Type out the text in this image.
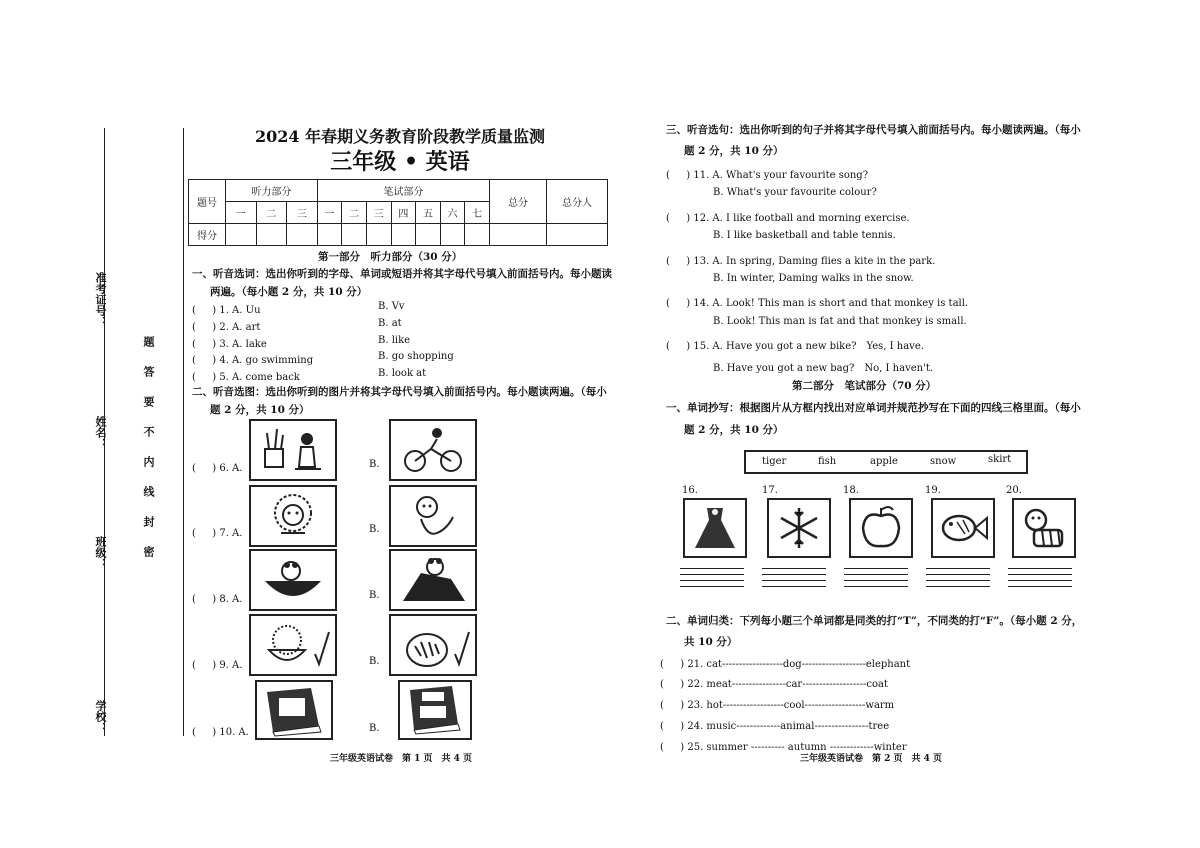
准考证号：
姓名：
班级：
学校：
题
答
要
不
内
线
封
密
2024 年春期义务教育阶段教学质量监测
三年级 • 英语
题号	听力部分			笔试部分							总分	总分人
	一	二	三	一	二	三	四	五	六	七		
得分												
第一部分　听力部分（30 分）
一、听音选词：选出你听到的字母、单词或短语并将其字母代号填入前面括号内。每小题读
两遍。（每小题 2 分，共 10 分）
( 　 ) 1. A. Uu	B. Vv
( 　 ) 2. A. art	B. at
( 　 ) 3. A. lake	B. like
( 　 ) 4. A. go swimming	B. go shopping
( 　 ) 5. A. come back	B. look at
二、听音选图：选出你听到的图片并将其字母代号填入前面括号内。每小题读两遍。（每小
题 2 分，共 10 分）
( 　 ) 6. A.	B.
( 　 ) 7. A.	B.
( 　 ) 8. A.	B.
( 　 ) 9. A.	B.
( 　 ) 10. A.	B.
三年级英语试卷　第 1 页　共 4 页
三、听音选句：选出你听到的句子并将其字母代号填入前面括号内。每小题读两遍。（每小
题 2 分，共 10 分）
( 　 ) 11. A. What's your favourite song?
B. What's your favourite colour?
( 　 ) 12. A. I like football and morning exercise.
B. I like basketball and table tennis.
( 　 ) 13. A. In spring, Daming flies a kite in the park.
B. In winter, Daming walks in the snow.
( 　 ) 14. A. Look! This man is short and that monkey is tall.
B. Look! This man is fat and that monkey is small.
( 　 ) 15. A. Have you got a new bike?　Yes, I have.
B. Have you got a new bag?　No, I haven't.
第二部分　笔试部分（70 分）
一、单词抄写：根据图片从方框内找出对应单词并规范抄写在下面的四线三格里面。（每小
题 2 分，共 10 分）
tiger	fish	apple	snow	skirt
16.	17.	18.	19.	20.
二、单词归类：下列每小题三个单词都是同类的打“T”，不同类的打“F”。（每小题 2 分，
共 10 分）
( 　 ) 21. cat------------------dog-------------------elephant
( 　 ) 22. meat----------------car-------------------coat
( 　 ) 23. hot------------------cool------------------warm
( 　 ) 24. music-------------animal----------------tree
( 　 ) 25. summer ---------- autumn -------------winter
三年级英语试卷　第 2 页　共 4 页
